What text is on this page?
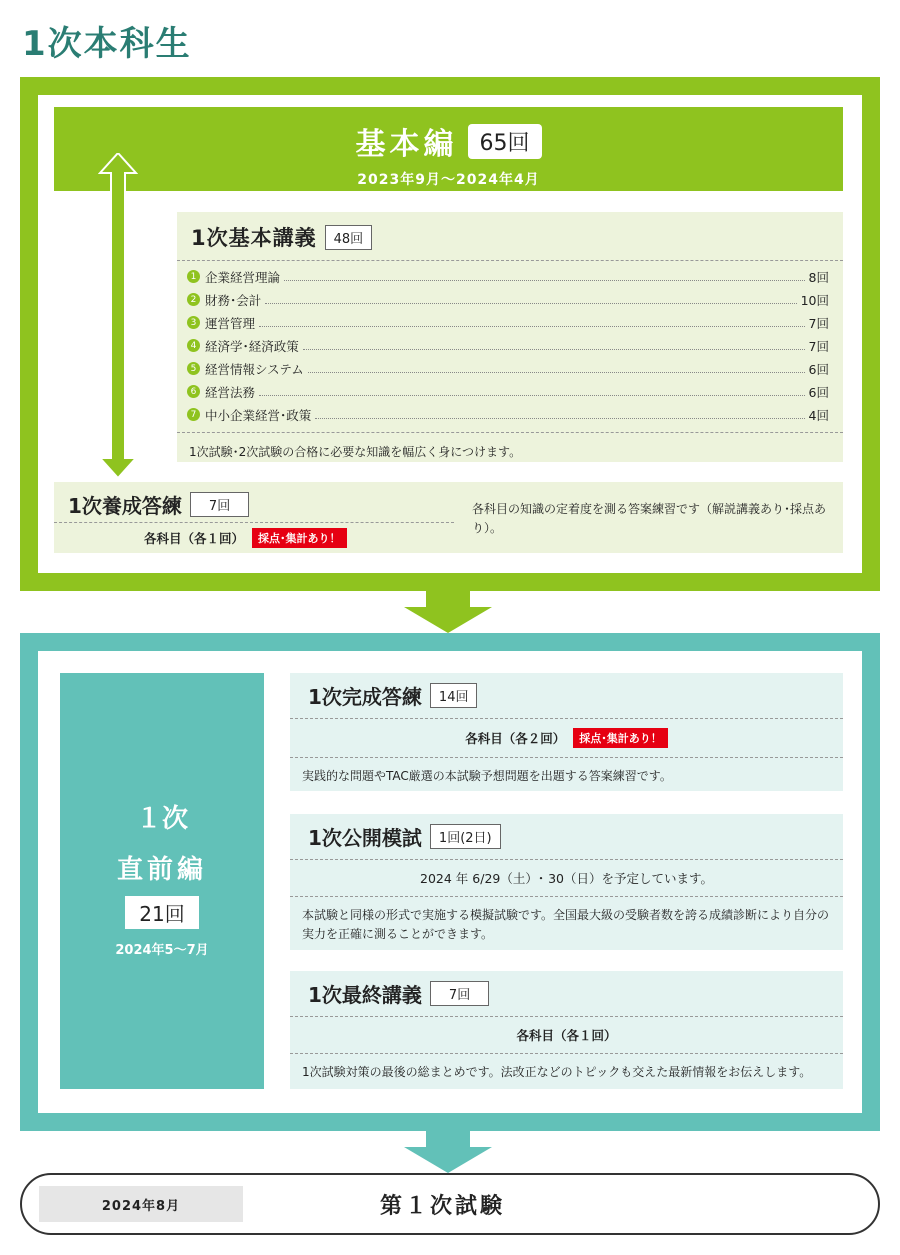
1次本科生
基本編	65回
2023年9月～2024年4月
1次基本講義	48回
1 企業経営理論	8回
2 財務･会計	10回
3 運営管理	7回
4 経済学･経済政策	7回
5 経営情報システム	6回
6 経営法務	6回
7 中小企業経営･政策	4回
1次試験･2次試験の合格に必要な知識を幅広く身につけます。
1次養成答練	7回
各科目（各１回）	採点･集計あり！
各科目の知識の定着度を測る答案練習です（解説講義あり･採点あり）。
１次
直前編
21回
2024年5～7月
1次完成答練	14回
各科目（各２回）	採点･集計あり！
実践的な問題やTAC厳選の本試験予想問題を出題する答案練習です。
1次公開模試	1回(2日)
2024 年 6/29（土）･ 30（日）を予定しています。
本試験と同様の形式で実施する模擬試験です。全国最大級の受験者数を誇る成績診断により自分の実力を正確に測ることができます。
1次最終講義	7回
各科目（各１回）
1次試験対策の最後の総まとめです。法改正などのトピックも交えた最新情報をお伝えします。
2024年8月	第１次試験
